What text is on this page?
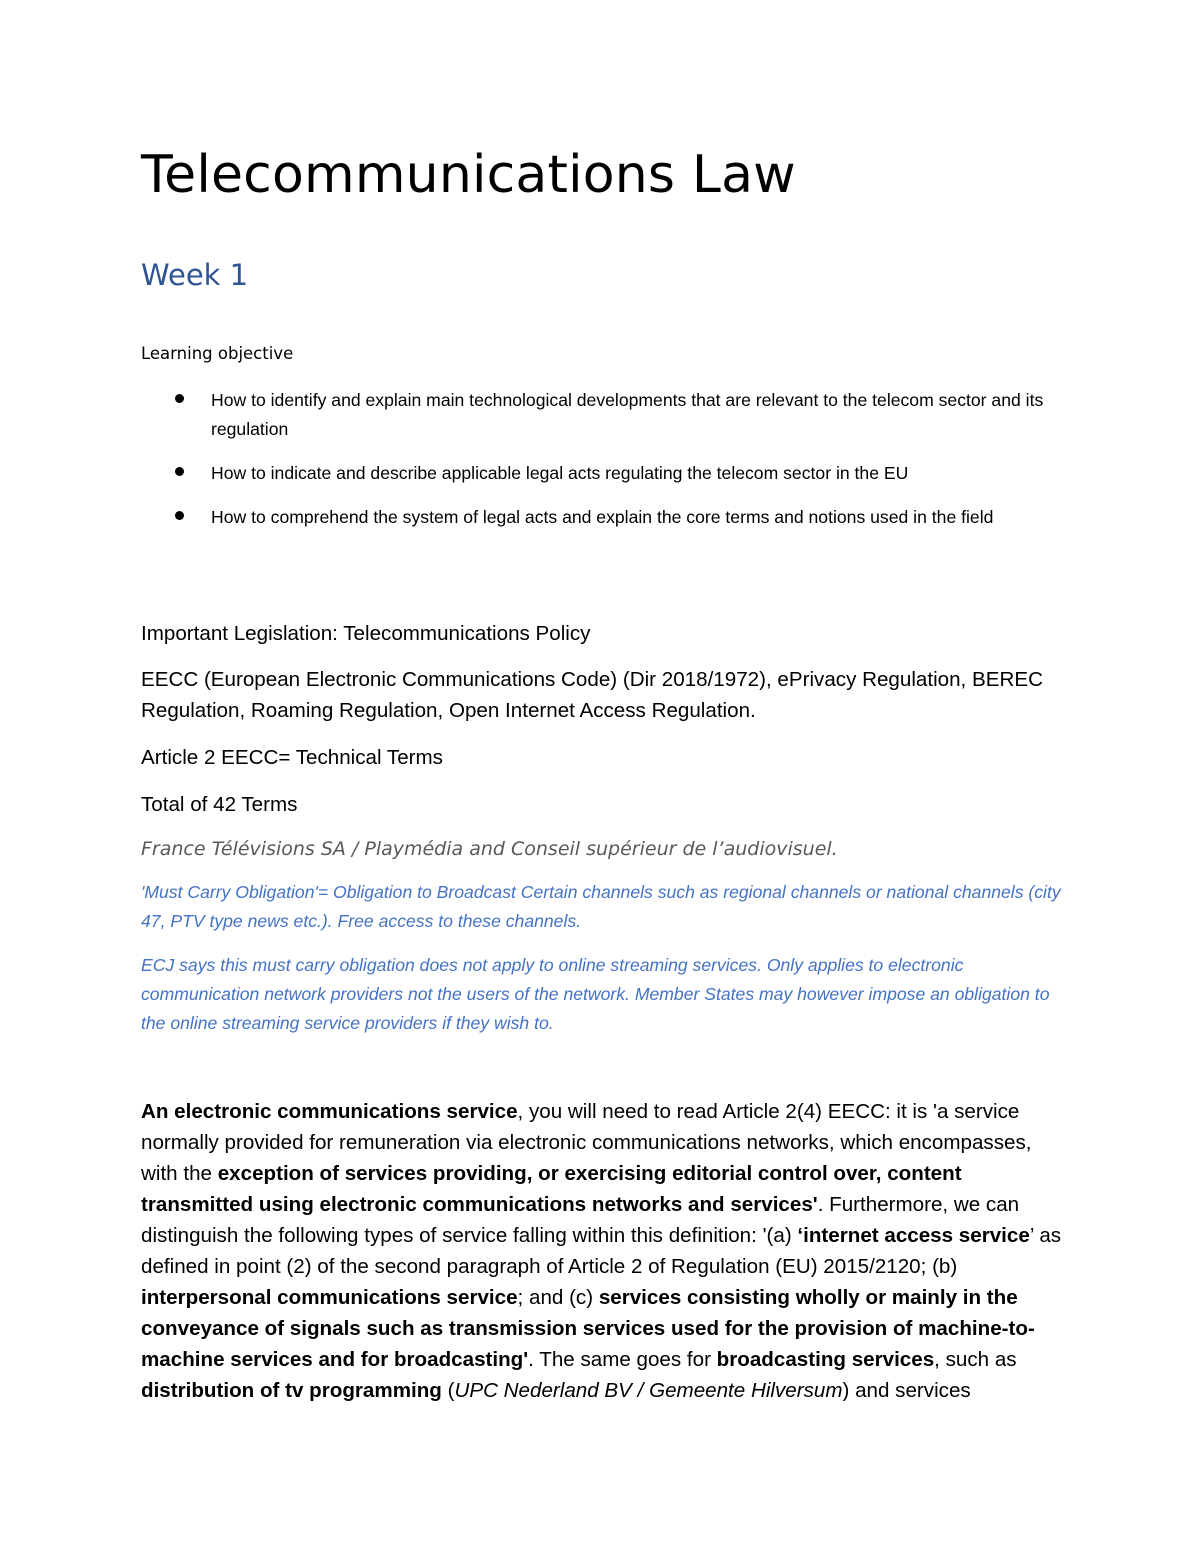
Telecommunications Law
Week 1
Learning objective
How to identify and explain main technological developments that are relevant to the telecom sector and its regulation
How to indicate and describe applicable legal acts regulating the telecom sector in the EU
How to comprehend the system of legal acts and explain the core terms and notions used in the field
Important Legislation: Telecommunications Policy
EECC (European Electronic Communications Code) (Dir 2018/1972), ePrivacy Regulation, BEREC Regulation, Roaming Regulation, Open Internet Access Regulation.
Article 2 EECC= Technical Terms
Total of 42 Terms
France Télévisions SA / Playmédia and Conseil supérieur de l’audiovisuel.
'Must Carry Obligation'= Obligation to Broadcast Certain channels such as regional channels or national channels (city 47, PTV type news etc.). Free access to these channels.
ECJ says this must carry obligation does not apply to online streaming services. Only applies to electronic communication network providers not the users of the network. Member States may however impose an obligation to the online streaming service providers if they wish to.
An electronic communications service, you will need to read Article 2(4) EECC: it is 'a service normally provided for remuneration via electronic communications networks, which encompasses, with the exception of services providing, or exercising editorial control over, content transmitted using electronic communications networks and services'. Furthermore, we can distinguish the following types of service falling within this definition: '(a) ‘internet access service’ as defined in point (2) of the second paragraph of Article 2 of Regulation (EU) 2015/2120; (b) interpersonal communications service; and (c) services consisting wholly or mainly in the conveyance of signals such as transmission services used for the provision of machine-to-machine services and for broadcasting'. The same goes for broadcasting services, such as distribution of tv programming (UPC Nederland BV / Gemeente Hilversum) and services
